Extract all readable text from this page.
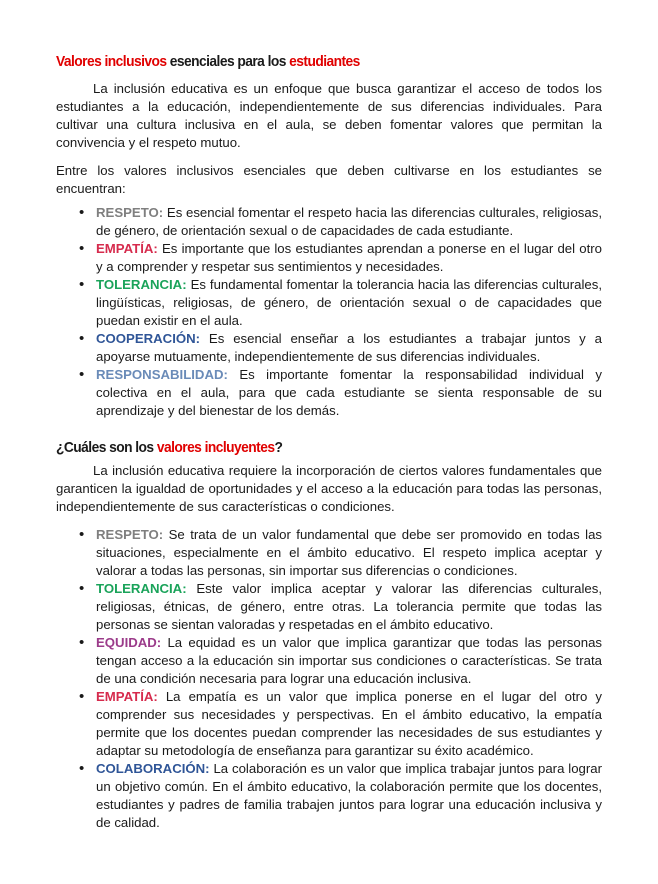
Valores inclusivos esenciales para los estudiantes

La inclusión educativa es un enfoque que busca garantizar el acceso de todos los estudiantes a la educación, independientemente de sus diferencias individuales. Para cultivar una cultura inclusiva en el aula, se deben fomentar valores que permitan la convivencia y el respeto mutuo.

Entre los valores inclusivos esenciales que deben cultivarse en los estudiantes se encuentran:

• RESPETO: Es esencial fomentar el respeto hacia las diferencias culturales, religiosas, de género, de orientación sexual o de capacidades de cada estudiante.
• EMPATÍA: Es importante que los estudiantes aprendan a ponerse en el lugar del otro y a comprender y respetar sus sentimientos y necesidades.
• TOLERANCIA: Es fundamental fomentar la tolerancia hacia las diferencias culturales, lingüísticas, religiosas, de género, de orientación sexual o de capacidades que puedan existir en el aula.
• COOPERACIÓN: Es esencial enseñar a los estudiantes a trabajar juntos y a apoyarse mutuamente, independientemente de sus diferencias individuales.
• RESPONSABILIDAD: Es importante fomentar la responsabilidad individual y colectiva en el aula, para que cada estudiante se sienta responsable de su aprendizaje y del bienestar de los demás.
¿Cuáles son los valores incluyentes?

La inclusión educativa requiere la incorporación de ciertos valores fundamentales que garanticen la igualdad de oportunidades y el acceso a la educación para todas las personas, independientemente de sus características o condiciones.

• RESPETO: Se trata de un valor fundamental que debe ser promovido en todas las situaciones, especialmente en el ámbito educativo. El respeto implica aceptar y valorar a todas las personas, sin importar sus diferencias o condiciones.
• TOLERANCIA: Este valor implica aceptar y valorar las diferencias culturales, religiosas, étnicas, de género, entre otras. La tolerancia permite que todas las personas se sientan valoradas y respetadas en el ámbito educativo.
• EQUIDAD: La equidad es un valor que implica garantizar que todas las personas tengan acceso a la educación sin importar sus condiciones o características. Se trata de una condición necesaria para lograr una educación inclusiva.
• EMPATÍA: La empatía es un valor que implica ponerse en el lugar del otro y comprender sus necesidades y perspectivas. En el ámbito educativo, la empatía permite que los docentes puedan comprender las necesidades de sus estudiantes y adaptar su metodología de enseñanza para garantizar su éxito académico.
• COLABORACIÓN: La colaboración es un valor que implica trabajar juntos para lograr un objetivo común. En el ámbito educativo, la colaboración permite que los docentes, estudiantes y padres de familia trabajen juntos para lograr una educación inclusiva y de calidad.
